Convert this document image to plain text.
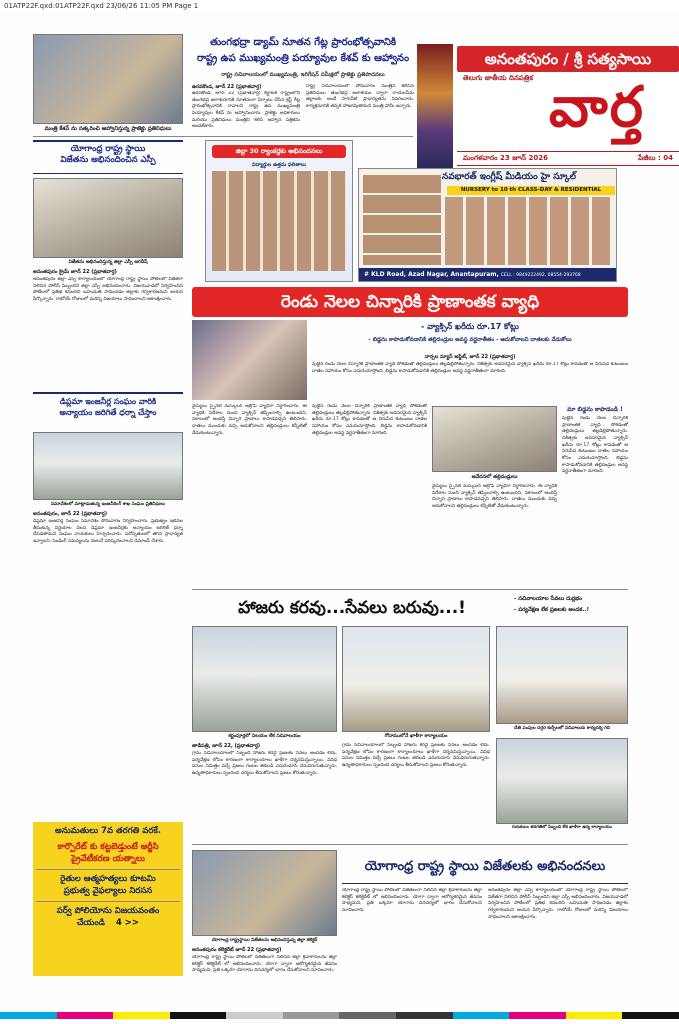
01ATP22F.qxd:01ATP22F.qxd 23/06/26 11:05 PM Page 1
మంత్రి కేశవ్ ను సత్కరించి ఆహ్వానిస్తున్న ప్రాజెక్టు ప్రతినిధులు
తుంగభద్రా డ్యామ్ నూతన గేట్ల ప్రారంభోత్సవానికి
రాష్ట్ర ఉప ముఖ్యమంత్రి పయ్యావుల కేశవ్ కు ఆహ్వానం
రాష్ట్ర సచివాలయంలో ముఖ్యమంత్రి, ఇరిగేషన్ సమీక్షలో ప్రాజెక్టు ప్రతిపాదనలు
ఉరవకొండ, జూన్ 22 (ప్రభాతవార్త)
ఉరవకొండ, జూన్ 22 (ప్రభాతవార్త) కర్ణాటక రాష్ట్రంలోని తుంగభద్ర జలాశయానికి నూతనంగా ఏర్పాటు చేసిన క్రస్ట్ గేట్ల ప్రారంభోత్సవానికి రావాలని రాష్ట్ర ఉప ముఖ్యమంత్రి పయ్యావుల కేశవ్ ను ఆహ్వానించారు. ప్రాజెక్టు అధికారులు మరియు ప్రతినిధులు మంత్రిని కలిసి ఆహ్వాన పత్రికను అందజేశారు.
రాష్ట్ర సచివాలయంలో సోమవారం మంత్రిని కలిసిన ప్రతినిధులు తుంగభద్ర జలాశయం ద్వారా రాయలసీమ జిల్లాలకు అందే సాగునీటి ప్రాధాన్యతను వివరించారు. కార్యక్రమానికి తప్పక హాజరవుతామని మంత్రి హామీ ఇచ్చారు.
అనంతపురం / శ్రీ సత్యసాయి
తెలుగు జాతీయ దినపత్రిక వార్త
మంగళవారం 23 జూన్ 2026	పేజీలు : 04
యోగాంధ్ర రాష్ట్ర స్థాయి
విజేతను అభినందించిన ఎస్పీ
విజేతను అభినందిస్తున్న జిల్లా ఎస్పీ జగదీష్
అనంతపురం క్రైమ్ జూన్ 22 (ప్రభాతవార్త)
అనంతపురం జిల్లా ఎస్పీ కార్యాలయంలో యోగాంధ్ర రాష్ట్ర స్థాయి పోటీలలో విజేతగా నిలిచిన పోలీస్ సిబ్బందిని జిల్లా ఎస్పీ అభినందించారు. విజయవాడలో నిర్వహించిన పోటీలలో ప్రతిభ కనబరిచి బహుమతి సాధించడం జిల్లాకు గర్వకారణమని ఆయన పేర్కొన్నారు. రాబోయే రోజులలో మరిన్ని విజయాలు సాధించాలని ఆకాంక్షించారు.
డిప్లమా ఇంజనీర్ల సంఘం వారికి
అన్యాయం జరిగితే ధర్నా చేస్తాం
సమావేశంలో మాట్లాడుతున్న ఇంజనీరింగ్ శాఖ సంఘం ప్రతినిధులు
అనంతపురం, జూన్ 22 (ప్రభాతవార్త)
డిప్లమా ఇంజనీర్ల సంఘం సమావేశం సోమవారం నిర్వహించారు. ప్రభుత్వం ఇటీవల తీసుకున్న నిర్ణయాల వలన డిప్లమా ఇంజనీర్లకు అన్యాయం జరిగితే ధర్నా చేపడతామని సంఘం నాయకులు హెచ్చరించారు. పదోన్నతులలో తగిన ప్రాధాన్యత ఇవ్వాలని, పెండింగ్ సమస్యలను వెంటనే పరిష్కరించాలని డిమాండ్ చేశారు.
జిల్లా 30 ర్యాంకర్లకు అభినందనలు
విద్యార్థుల ఉత్తమ ఫలితాలు
నవభారత్ ఇంగ్లీష్ మీడియం హై స్కూల్
NURSERY to 10 th CLASS-DAY & RESIDENTIAL
# KLD Road, Azad Nagar, Anantapuram, CELL : 9849222492, 08554-293768
రెండు నెలల చిన్నారికి ప్రాణాంతక వ్యాధి
- వ్యాక్సిన్ ఖరీదు రూ.17 కోట్లు
- బిడ్డను కాపాడుకోవడానికి తల్లిదండ్రుల అవస్థ వర్ణనాతీతం - ఆదుకోవాలని దాతలకు వేడుకోలు
నార్పల న్యూస్ అప్డేట్, జూన్ 22 (ప్రభాతవార్త)
పుట్టిన రెండు నెలల చిన్నారికి ప్రాణాంతక వ్యాధి సోకడంతో తల్లిదండ్రులు తల్లడిల్లిపోతున్నారు. చికిత్సకు అవసరమైన వ్యాక్సిన్ ఖరీదు రూ.17 కోట్లు కావడంతో ఆ నిరుపేద కుటుంబం దాతల సహాయం కోసం ఎదురుచూస్తోంది. బిడ్డను కాపాడుకోవడానికి తల్లిదండ్రుల అవస్థ వర్ణనాతీతంగా మారింది.
వైద్యులు స్పైనల్ మస్కులర్ అట్రోఫీ వ్యాధిగా నిర్ధారించారు. ఈ వ్యాధికి విదేశాల నుంచి వ్యాక్సిన్ తెప్పించాల్సి ఉంటుందని, సకాలంలో అందిస్తే చిన్నారి ప్రాణాలు కాపాడవచ్చని తెలిపారు. దాతలు ముందుకు వచ్చి ఆదుకోవాలని తల్లిదండ్రులు కన్నీటితో వేడుకుంటున్నారు.
పుట్టిన రెండు నెలల చిన్నారికి ప్రాణాంతక వ్యాధి సోకడంతో తల్లిదండ్రులు తల్లడిల్లిపోతున్నారు. చికిత్సకు అవసరమైన వ్యాక్సిన్ ఖరీదు రూ.17 కోట్లు కావడంతో ఆ నిరుపేద కుటుంబం దాతల సహాయం కోసం ఎదురుచూస్తోంది. బిడ్డను కాపాడుకోవడానికి తల్లిదండ్రుల అవస్థ వర్ణనాతీతంగా మారింది.
ఆవేదనలో తల్లిదండ్రులు
వైద్యులు స్పైనల్ మస్కులర్ అట్రోఫీ వ్యాధిగా నిర్ధారించారు. ఈ వ్యాధికి విదేశాల నుంచి వ్యాక్సిన్ తెప్పించాల్సి ఉంటుందని, సకాలంలో అందిస్తే చిన్నారి ప్రాణాలు కాపాడవచ్చని తెలిపారు. దాతలు ముందుకు వచ్చి ఆదుకోవాలని తల్లిదండ్రులు కన్నీటితో వేడుకుంటున్నారు.
మా బిడ్డను కాపాడండి !
పుట్టిన రెండు నెలల చిన్నారికి ప్రాణాంతక వ్యాధి సోకడంతో తల్లిదండ్రులు తల్లడిల్లిపోతున్నారు. చికిత్సకు అవసరమైన వ్యాక్సిన్ ఖరీదు రూ.17 కోట్లు కావడంతో ఆ నిరుపేద కుటుంబం దాతల సహాయం కోసం ఎదురుచూస్తోంది. బిడ్డను కాపాడుకోవడానికి తల్లిదండ్రుల అవస్థ వర్ణనాతీతంగా మారింది.
హాజరు కరవు...సేవలు బరువు...!	- సచివాలయాల సేవలు దుర్లభం
- పర్యవేక్షణ లేక ప్రజలకు అందక..!
కర్ణంపూర్లలో నిలయం లేక సచివాలయం	గోదాములోనే ఖాళీగా కార్యాలయం
చేతి పంపుల దగ్గర కుర్చీలలో సచివాలయ కార్యదర్శి గది
తాడిపత్రి, జూన్ 22, (ప్రభాతవార్త)
గ్రామ సచివాలయాలలో సిబ్బంది హాజరు కరవై ప్రజలకు సేవలు అందడం లేదు. పర్యవేక్షణ లోపం కారణంగా కార్యాలయాలు ఖాళీగా దర్శనమిస్తున్నాయి. వివిధ పనుల నిమిత్తం వచ్చే ప్రజలు గంటల తరబడి ఎదురుచూసి వెనుదిరుగుతున్నారు. ఉన్నతాధికారులు స్పందించి చర్యలు తీసుకోవాలని ప్రజలు కోరుతున్నారు.
గ్రామ సచివాలయాలలో సిబ్బంది హాజరు కరవై ప్రజలకు సేవలు అందడం లేదు. పర్యవేక్షణ లోపం కారణంగా కార్యాలయాలు ఖాళీగా దర్శనమిస్తున్నాయి. వివిధ పనుల నిమిత్తం వచ్చే ప్రజలు గంటల తరబడి ఎదురుచూసి వెనుదిరుగుతున్నారు. ఉన్నతాధికారులు స్పందించి చర్యలు తీసుకోవాలని ప్రజలు కోరుతున్నారు.
గురుకులం తరగతిలో సిబ్బంది లేక ఖాళీగా ఉన్న కార్యాలయం
అనుమతులు 7వ తరగతి వరకే.
కార్పొరేట్ కు కట్టబెడ్తుంటే అర్జీసి
ప్రైవేటీకరణ యత్నాలు
రైతుల ఆత్మహత్యలు కూటమి
ప్రభుత్వ వైఫల్యాలు నిరసన
పర్వ్ పోలియోను విజయవంతం
చేయండి 4 >>
యోగాంధ్ర రాష్ట్రస్థాయి విజేతలను అభినందిస్తున్న జిల్లా కలెక్టర్
అనంతపురం కలెక్టరేట్ జూన్ 22 (ప్రభాతవార్త)
యోగాంధ్ర రాష్ట్ర స్థాయి పోటీలలో విజేతలుగా నిలిచిన జిల్లా క్రీడాకారులను జిల్లా కలెక్టర్ కలెక్టరేట్ లో అభినందించారు. యోగా ద్వారా ఆరోగ్యకరమైన జీవనం సాధ్యమని, ప్రతి ఒక్కరూ యోగాను దినచర్యలో భాగం చేసుకోవాలని సూచించారు.
యోగాంధ్ర రాష్ట్ర స్థాయి విజేతలకు అభినందనలు
యోగాంధ్ర రాష్ట్ర స్థాయి పోటీలలో విజేతలుగా నిలిచిన జిల్లా క్రీడాకారులను జిల్లా కలెక్టర్ కలెక్టరేట్ లో అభినందించారు. యోగా ద్వారా ఆరోగ్యకరమైన జీవనం సాధ్యమని, ప్రతి ఒక్కరూ యోగాను దినచర్యలో భాగం చేసుకోవాలని సూచించారు.
అనంతపురం జిల్లా ఎస్పీ కార్యాలయంలో యోగాంధ్ర రాష్ట్ర స్థాయి పోటీలలో విజేతగా నిలిచిన పోలీస్ సిబ్బందిని జిల్లా ఎస్పీ అభినందించారు. విజయవాడలో నిర్వహించిన పోటీలలో ప్రతిభ కనబరిచి బహుమతి సాధించడం జిల్లాకు గర్వకారణమని ఆయన పేర్కొన్నారు. రాబోయే రోజులలో మరిన్ని విజయాలు సాధించాలని ఆకాంక్షించారు.
